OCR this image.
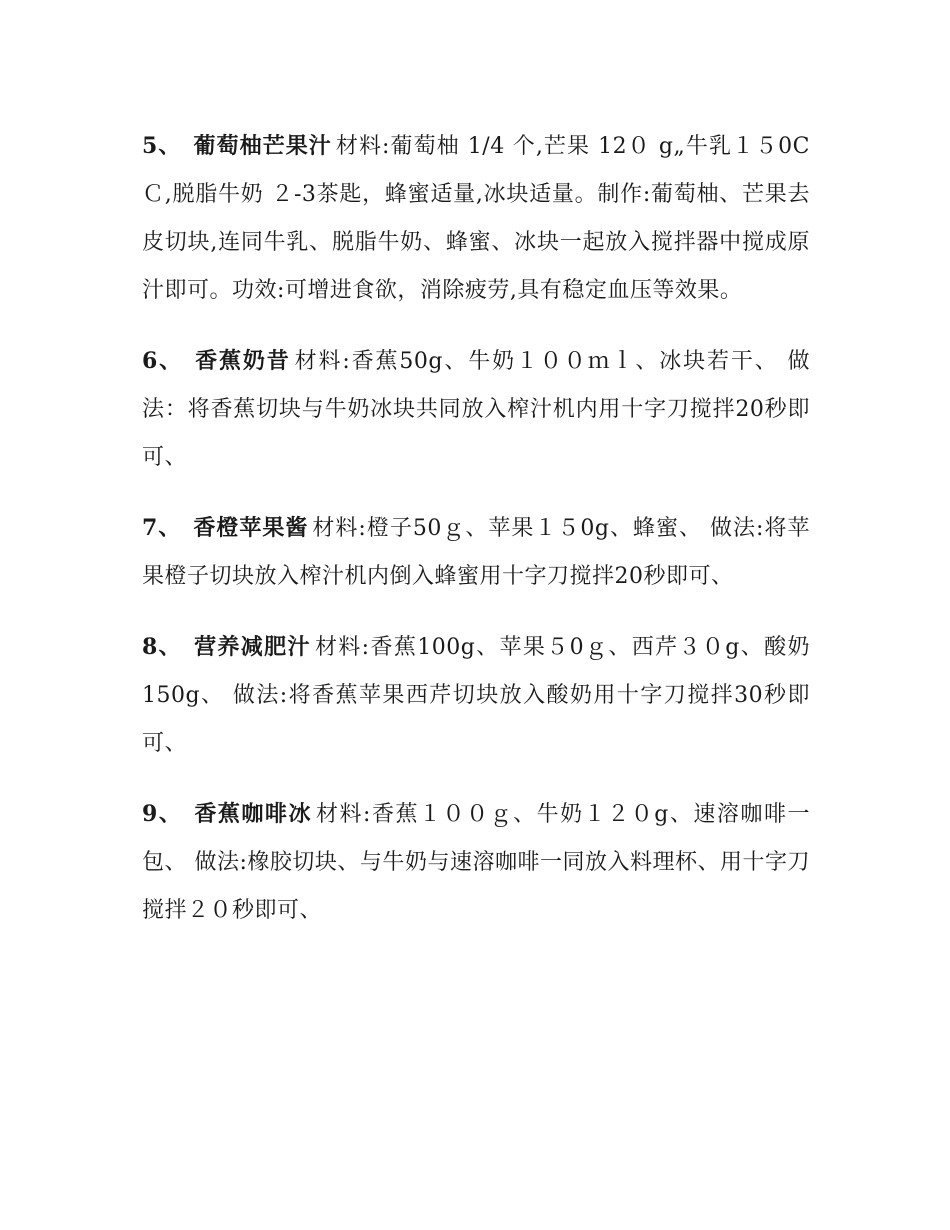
5、 葡萄柚芒果汁 材料:葡萄柚 1/4 个,芒果 12０ g„牛乳１５0CＣ,脱脂牛奶 ２-3茶匙，蜂蜜适量,冰块适量。制作:葡萄柚、芒果去皮切块,连同牛乳、脱脂牛奶、蜂蜜、冰块一起放入搅拌器中搅成原汁即可。功效:可增进食欲，消除疲劳,具有稳定血压等效果。

6、 香蕉奶昔 材料:香蕉50g、牛奶１００ｍｌ、冰块若干、 做法：将香蕉切块与牛奶冰块共同放入榨汁机内用十字刀搅拌20秒即可、

7、 香橙苹果酱 材料:橙子50ｇ、苹果１５0g、蜂蜜、 做法:将苹果橙子切块放入榨汁机内倒入蜂蜜用十字刀搅拌20秒即可、

8、 营养减肥汁 材料:香蕉100g、苹果５0ｇ、西芹３０g、酸奶150g、 做法:将香蕉苹果西芹切块放入酸奶用十字刀搅拌30秒即可、

9、 香蕉咖啡冰 材料:香蕉１００ｇ、牛奶１２０g、速溶咖啡一包、 做法:橡胶切块、与牛奶与速溶咖啡一同放入料理杯、用十字刀搅拌２０秒即可、
